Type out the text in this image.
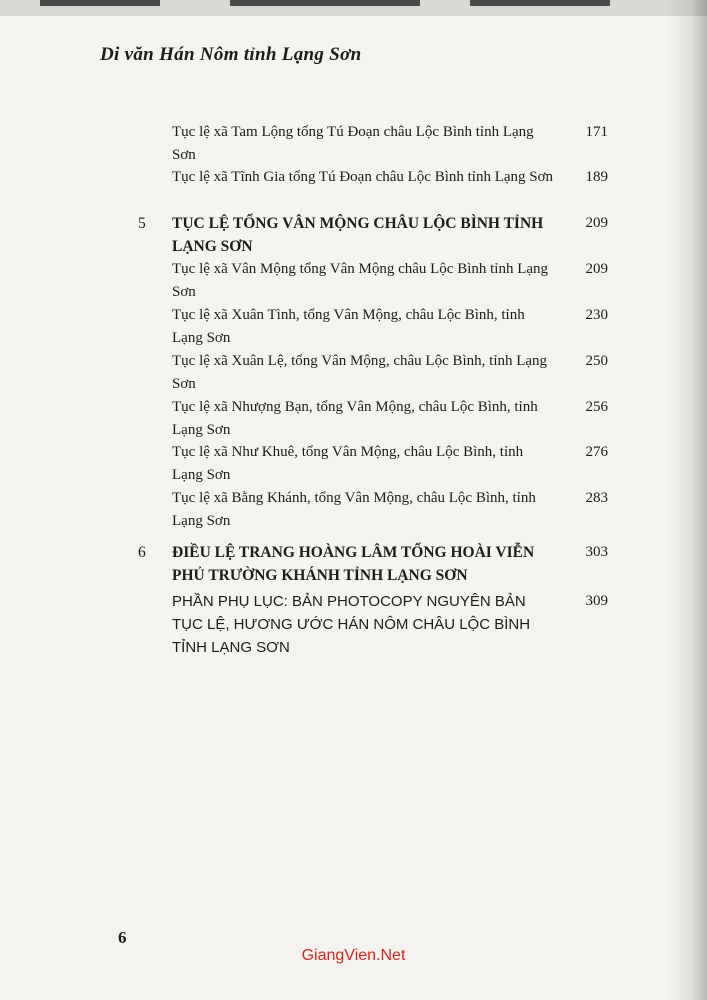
Di văn Hán Nôm tỉnh Lạng Sơn
Tục lệ xã Tam Lộng tổng Tú Đoạn châu Lộc Bình tỉnh Lạng Sơn
171
Tục lệ xã Tĩnh Gia tổng Tú Đoạn châu Lộc Bình tỉnh Lạng Sơn	189
5 TỤC LỆ TỔNG VÂN MỘNG CHÂU LỘC BÌNH TỈNH LẠNG SƠN
209
Tục lệ xã Vân Mộng tổng Vân Mộng châu Lộc Bình tỉnh Lạng Sơn
209
Tục lệ xã Xuân Tình, tổng Vân Mộng, châu Lộc Bình, tỉnh Lạng Sơn
230
Tục lệ xã Xuân Lệ, tổng Vân Mộng, châu Lộc Bình, tỉnh Lạng Sơn
250
Tục lệ xã Nhượng Bạn, tổng Vân Mộng, châu Lộc Bình, tỉnh Lạng Sơn
256
Tục lệ xã Như Khuê, tổng Vân Mộng, châu Lộc Bình, tỉnh Lạng Sơn
276
Tục lệ xã Bằng Khánh, tổng Vân Mộng, châu Lộc Bình, tỉnh Lạng Sơn
283
6 ĐIỀU LỆ TRANG HOÀNG LÂM TỔNG HOÀI VIỄN PHỦ TRƯỜNG KHÁNH TỈNH LẠNG SƠN
303
PHẦN PHỤ LỤC: BẢN PHOTOCOPY NGUYÊN BẢN TỤC LỆ, HƯƠNG ƯỚC HÁN NÔM CHÂU LỘC BÌNH TỈNH LẠNG SƠN
309
6
GiangVien.Net
